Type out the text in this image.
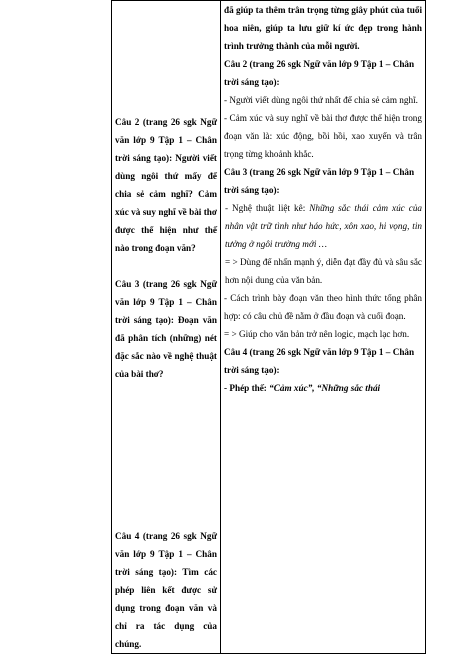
Câu 2 (trang 26 sgk Ngữ văn lớp 9 Tập 1 – Chân trời sáng tạo): Người viết dùng ngôi thứ mấy để chia sẻ cảm nghĩ? Cảm xúc và suy nghĩ về bài thơ được thể hiện như thế nào trong đoạn văn?
Câu 3 (trang 26 sgk Ngữ văn lớp 9 Tập 1 – Chân trời sáng tạo): Đoạn văn đã phân tích (những) nét đặc sắc nào về nghệ thuật của bài thơ?
Câu 4 (trang 26 sgk Ngữ văn lớp 9 Tập 1 – Chân trời sáng tạo): Tìm các phép liên kết được sử dụng trong đoạn văn và chỉ ra tác dụng của chúng.

đã giúp ta thêm trân trọng từng giây phút của tuổi hoa niên, giúp ta lưu giữ kí ức đẹp trong hành trình trưởng thành của mỗi người.
Câu 2 (trang 26 sgk Ngữ văn lớp 9 Tập 1 – Chân trời sáng tạo):
- Người viết dùng ngôi thứ nhất để chia sẻ cảm nghĩ.
- Cảm xúc và suy nghĩ về bài thơ được thể hiện trong đoạn văn là: xúc động, bồi hồi, xao xuyến và trân trọng từng khoảnh khắc.
Câu 3 (trang 26 sgk Ngữ văn lớp 9 Tập 1 – Chân trời sáng tạo):
- Nghệ thuật liệt kê: Những sắc thái cảm xúc của nhân vật trữ tình như háo hức, xôn xao, hi vọng, tin tưởng ở ngôi trường mới …
= > Dùng để nhấn mạnh ý, diễn đạt đầy đủ và sâu sắc hơn nội dung của văn bản.
- Cách trình bày đoạn văn theo hình thức tổng phân hợp: có câu chủ đề nằm ở đầu đoạn và cuối đoạn.
= > Giúp cho văn bản trở nên logic, mạch lạc hơn.
Câu 4 (trang 26 sgk Ngữ văn lớp 9 Tập 1 – Chân trời sáng tạo):
- Phép thế: “Cảm xúc”, “Những sắc thái
